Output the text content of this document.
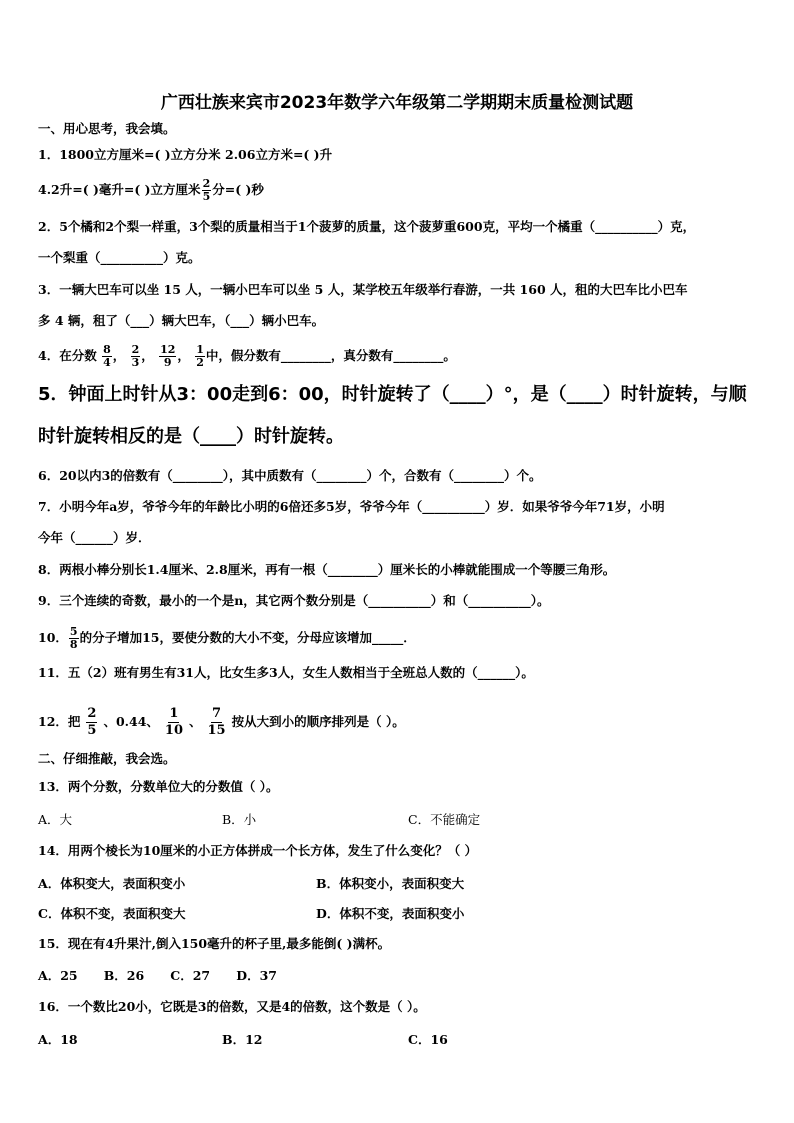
广西壮族来宾市2023年数学六年级第二学期期末质量检测试题
一、用心思考，我会填。
1．1800立方厘米=( )立方分米 2.06立方米=( )升
4.2升=( )毫升=( )立方厘米 $\frac{2}{5}$ 分=( )秒
2．5个橘和2个梨一样重，3个梨的质量相当于1个菠萝的质量，这个菠萝重600克，平均一个橘重（__________）克，
一个梨重（__________）克。
3．一辆大巴车可以坐 15 人，一辆小巴车可以坐 5 人，某学校五年级举行春游，一共 160 人，租的大巴车比小巴车
多 4 辆，租了（___）辆大巴车，（___）辆小巴车。
4．在分数 $\frac{8}{4}$ ， $\frac{2}{3}$ ， $\frac{12}{9}$ ， $\frac{1}{2}$ 中，假分数有________，真分数有________。
5．钟面上时针从3：00走到6：00，时针旋转了（____）°，是（____）时针旋转，与顺
时针旋转相反的是（____）时针旋转。
6．20以内3的倍数有（________），其中质数有（________）个，合数有（________）个。
7．小明今年a岁，爷爷今年的年龄比小明的6倍还多5岁，爷爷今年（__________）岁．如果爷爷今年71岁，小明
今年（______）岁．
8．两根小棒分别长1.4厘米、2.8厘米，再有一根（________）厘米长的小棒就能围成一个等腰三角形。
9．三个连续的奇数，最小的一个是n，其它两个数分别是（__________）和（__________）。
10． $\frac{5}{8}$ 的分子增加15，要使分数的大小不变，分母应该增加_____．
11．五（2）班有男生有31人，比女生多3人，女生人数相当于全班总人数的（______）。
12．把 $\frac{2}{5}$ 、0.44、 $\frac{1}{10}$ 、 $\frac{7}{15}$ 按从大到小的顺序排列是（ ）。
二、仔细推敲，我会选。
13．两个分数，分数单位大的分数值（ ）。
A．大	B．小	C．不能确定
14．用两个棱长为10厘米的小正方体拼成一个长方体，发生了什么变化？（ ）
A．体积变大，表面积变小	B．体积变小，表面积变大
C．体积不变，表面积变大	D．体积不变，表面积变小
15．现在有4升果汁,倒入150毫升的杯子里,最多能倒( )满杯。
A．25      B．26      C．27      D．37
16．一个数比20小，它既是3的倍数，又是4的倍数，这个数是（ ）。
A．18	B．12	C．16
